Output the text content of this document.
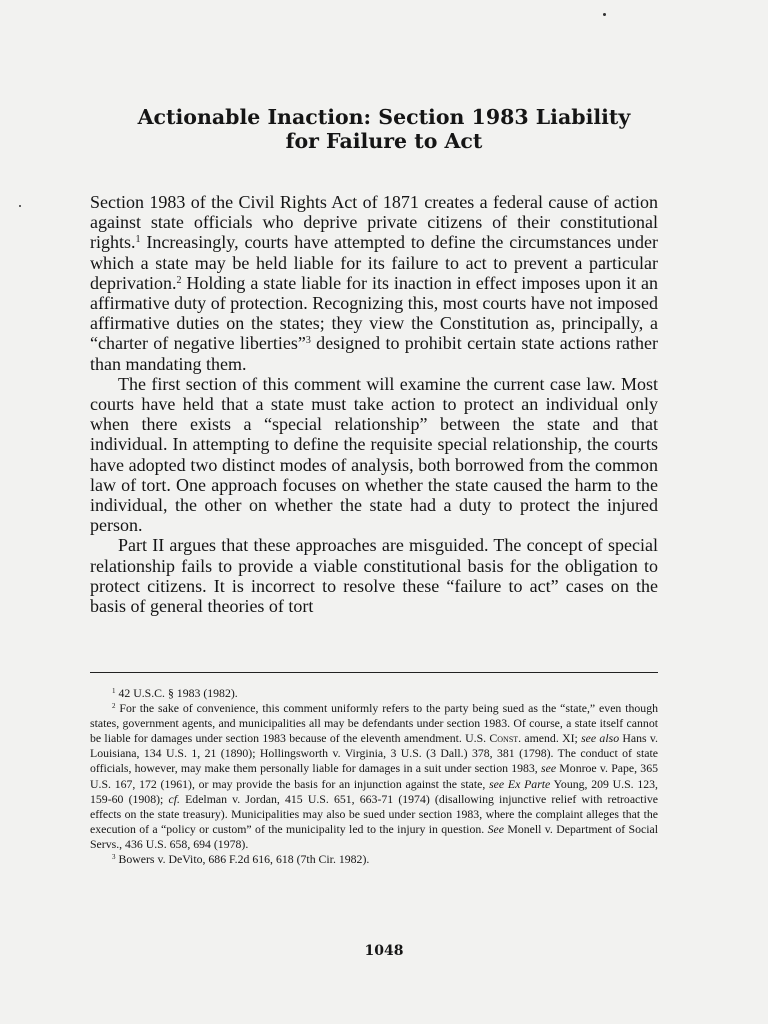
Actionable Inaction: Section 1983 Liability
for Failure to Act

Section 1983 of the Civil Rights Act of 1871 creates a federal cause of action against state officials who deprive private citizens of their constitutional rights.$^1$ Increasingly, courts have attempted to define the circumstances under which a state may be held liable for its failure to act to prevent a particular deprivation.$^2$ Holding a state liable for its inaction in effect imposes upon it an affirmative duty of protection. Recognizing this, most courts have not imposed affirmative duties on the states; they view the Constitution as, principally, a “charter of negative liberties”$^3$ designed to prohibit certain state actions rather than mandating them.

The first section of this comment will examine the current case law. Most courts have held that a state must take action to protect an individual only when there exists a “special relationship” between the state and that individual. In attempting to define the requisite special relationship, the courts have adopted two distinct modes of analysis, both borrowed from the common law of tort. One approach focuses on whether the state caused the harm to the individual, the other on whether the state had a duty to protect the injured person.

Part II argues that these approaches are misguided. The concept of special relationship fails to provide a viable constitutional basis for the obligation to protect citizens. It is incorrect to resolve these “failure to act” cases on the basis of general theories of tort

$^1$ 42 U.S.C. § 1983 (1982).

$^2$ For the sake of convenience, this comment uniformly refers to the party being sued as the “state,” even though states, government agents, and municipalities all may be defendants under section 1983. Of course, a state itself cannot be liable for damages under section 1983 because of the eleventh amendment. U.S. Const. amend. XI; see also Hans v. Louisiana, 134 U.S. 1, 21 (1890); Hollingsworth v. Virginia, 3 U.S. (3 Dall.) 378, 381 (1798). The conduct of state officials, however, may make them personally liable for damages in a suit under section 1983, see Monroe v. Pape, 365 U.S. 167, 172 (1961), or may provide the basis for an injunction against the state, see Ex Parte Young, 209 U.S. 123, 159-60 (1908); cf. Edelman v. Jordan, 415 U.S. 651, 663-71 (1974) (disallowing injunctive relief with retroactive effects on the state treasury). Municipalities may also be sued under section 1983, where the complaint alleges that the execution of a “policy or custom” of the municipality led to the injury in question. See Monell v. Department of Social Servs., 436 U.S. 658, 694 (1978).

$^3$ Bowers v. DeVito, 686 F.2d 616, 618 (7th Cir. 1982).

1048
